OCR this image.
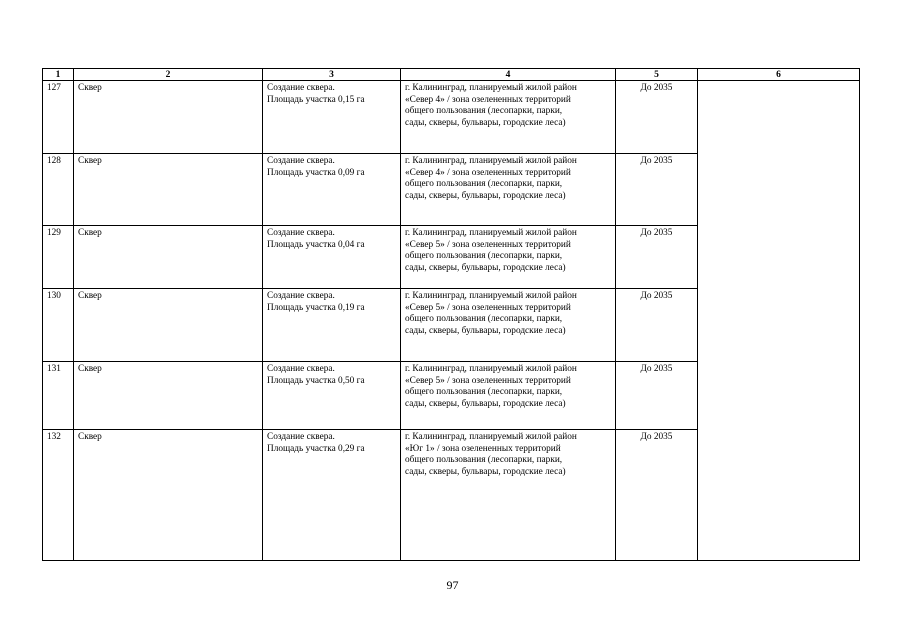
1	2	3	4	5	6
127	Сквер	Создание сквера.
Площадь участка 0,15 га	г. Калининград, планируемый жилой район
«Север 4» / зона озелененных территорий
общего пользования (лесопарки, парки,
сады, скверы, бульвары, городские леса)	До 2035	
128	Сквер	Создание сквера.
Площадь участка 0,09 га	г. Калининград, планируемый жилой район
«Север 4» / зона озелененных территорий
общего пользования (лесопарки, парки,
сады, скверы, бульвары, городские леса)	До 2035	
129	Сквер	Создание сквера.
Площадь участка 0,04 га	г. Калининград, планируемый жилой район
«Север 5» / зона озелененных территорий
общего пользования (лесопарки, парки,
сады, скверы, бульвары, городские леса)	До 2035	
130	Сквер	Создание сквера.
Площадь участка 0,19 га	г. Калининград, планируемый жилой район
«Север 5» / зона озелененных территорий
общего пользования (лесопарки, парки,
сады, скверы, бульвары, городские леса)	До 2035	
131	Сквер	Создание сквера.
Площадь участка 0,50 га	г. Калининград, планируемый жилой район
«Север 5» / зона озелененных территорий
общего пользования (лесопарки, парки,
сады, скверы, бульвары, городские леса)	До 2035	
132	Сквер	Создание сквера.
Площадь участка 0,29 га	г. Калининград, планируемый жилой район
«Юг 1» / зона озелененных территорий
общего пользования (лесопарки, парки,
сады, скверы, бульвары, городские леса)	До 2035	
97
